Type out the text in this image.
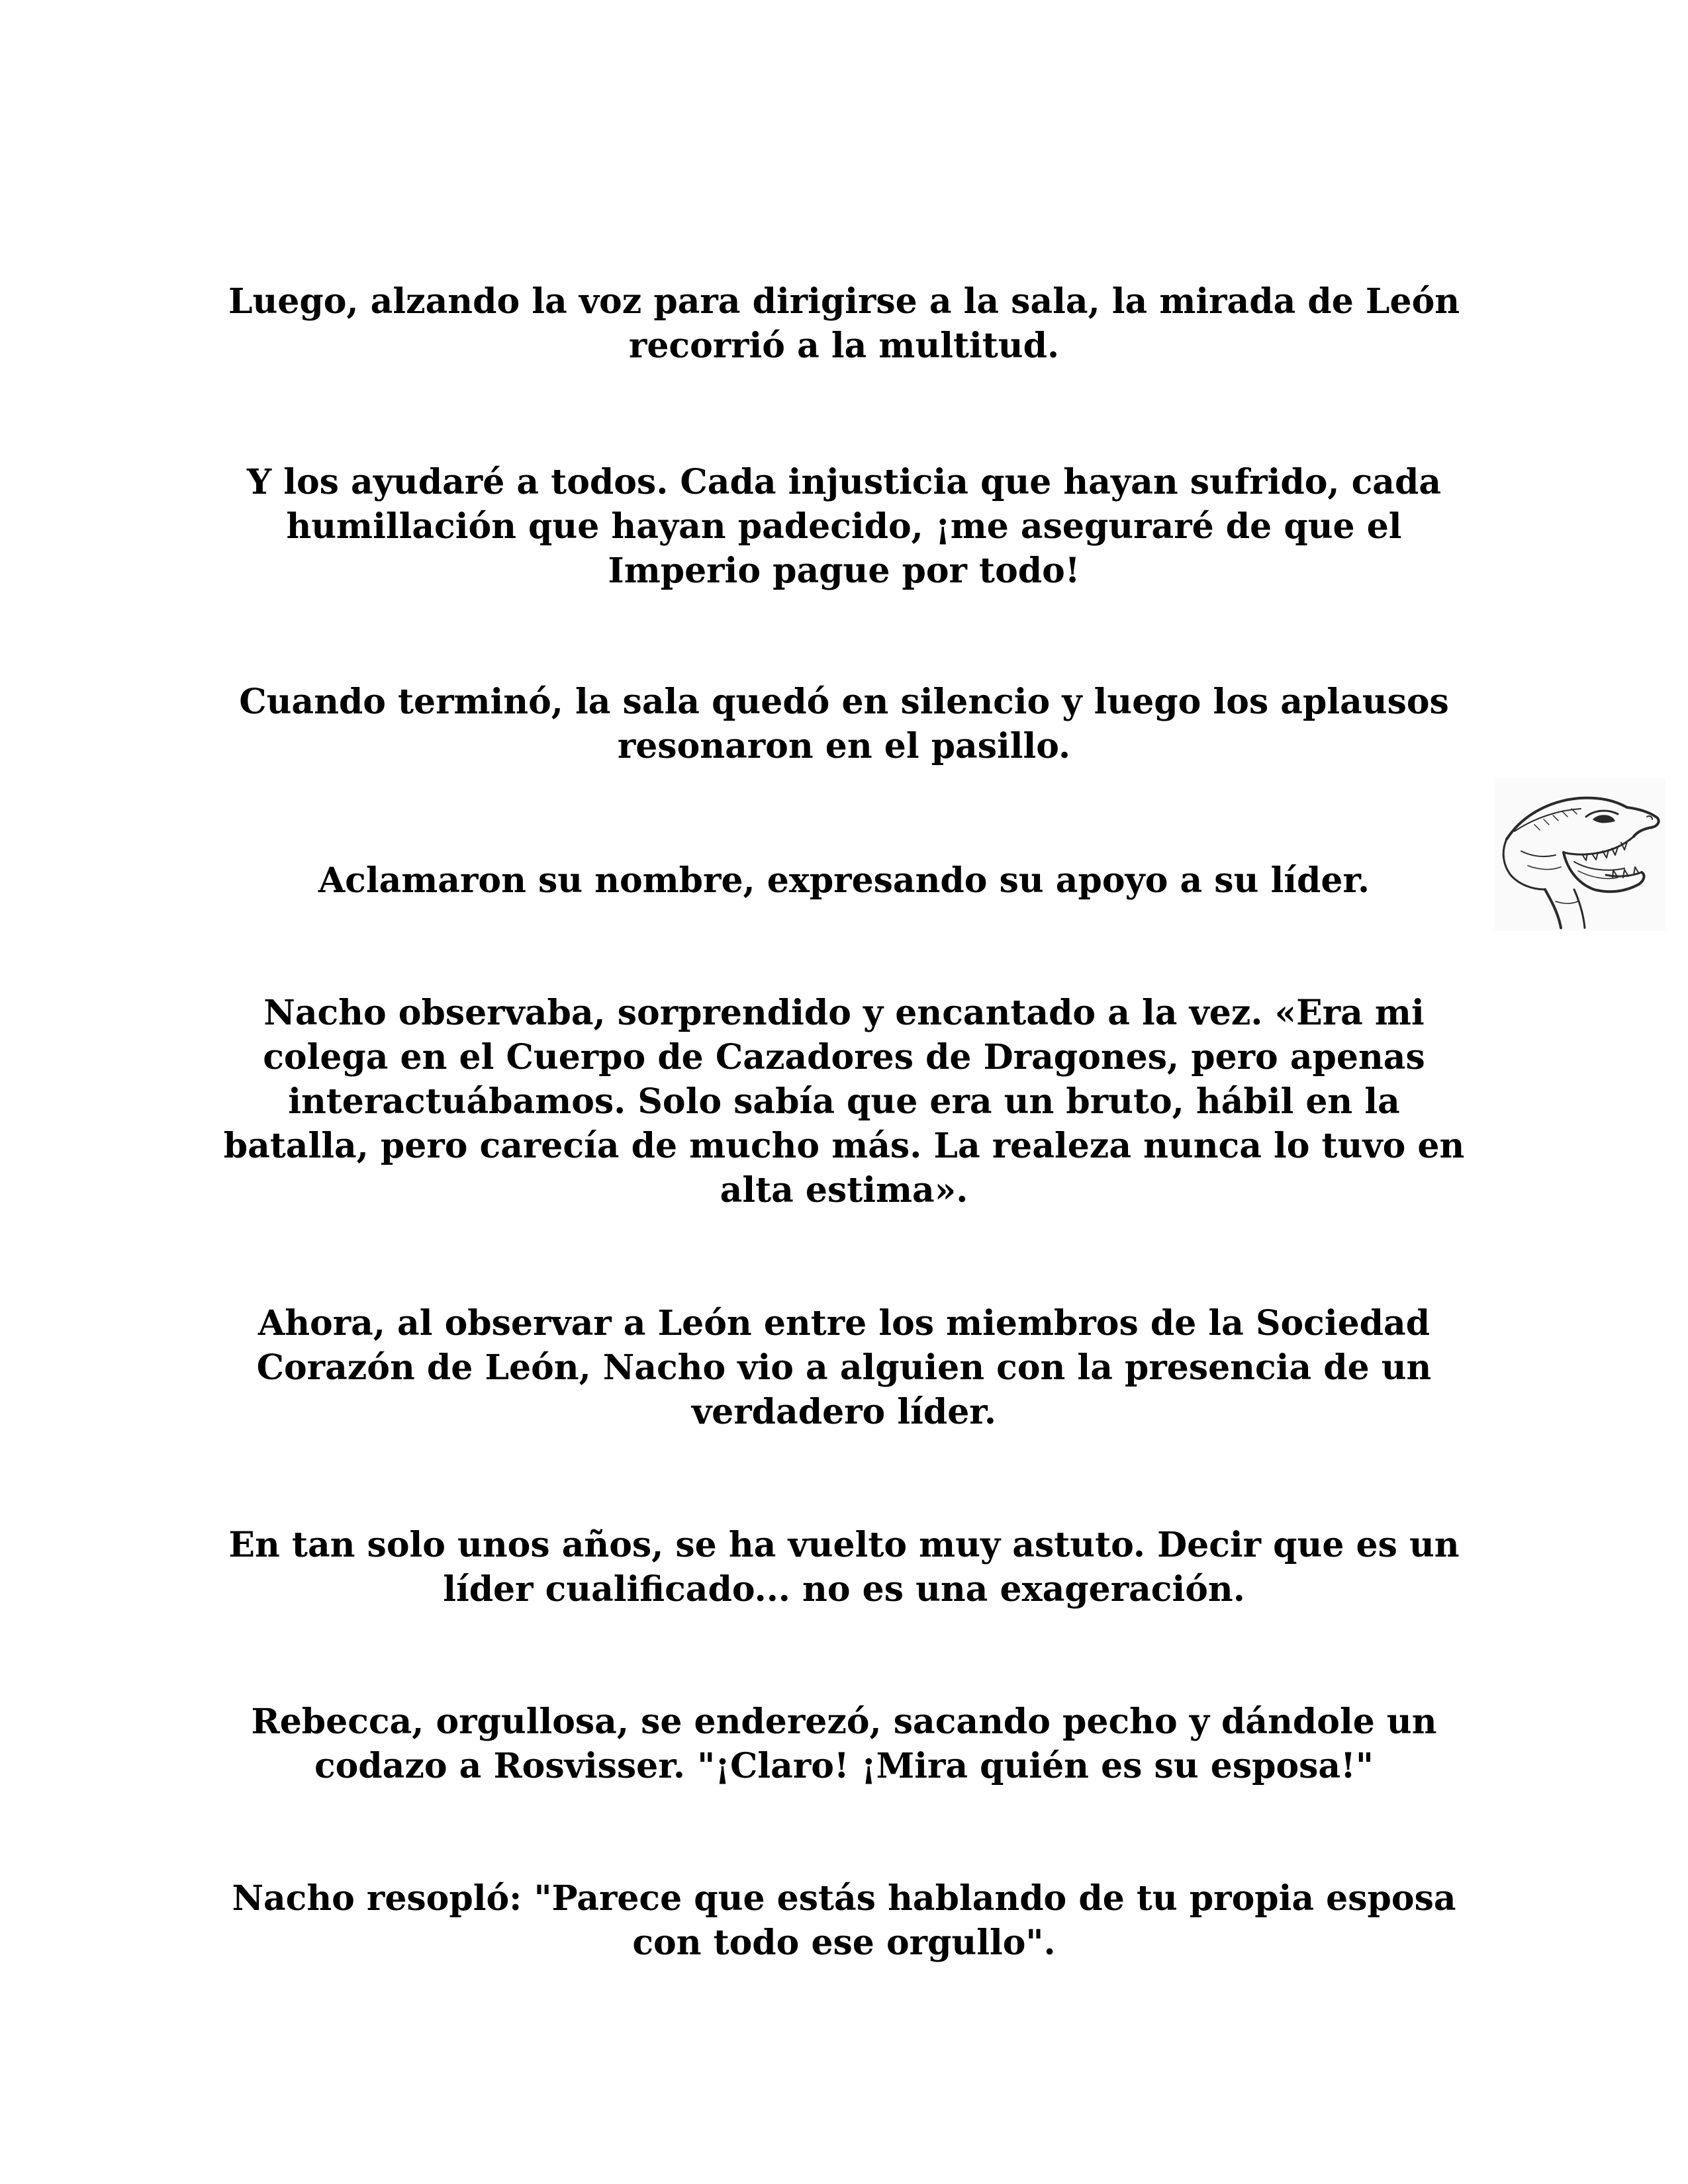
Luego, alzando la voz para dirigirse a la sala, la mirada de León recorrió a la multitud.

Y los ayudaré a todos. Cada injusticia que hayan sufrido, cada humillación que hayan padecido, ¡me aseguraré de que el Imperio pague por todo!

Cuando terminó, la sala quedó en silencio y luego los aplausos resonaron en el pasillo.

Aclamaron su nombre, expresando su apoyo a su líder.

Nacho observaba, sorprendido y encantado a la vez. «Era mi colega en el Cuerpo de Cazadores de Dragones, pero apenas interactuábamos. Solo sabía que era un bruto, hábil en la batalla, pero carecía de mucho más. La realeza nunca lo tuvo en alta estima».

Ahora, al observar a León entre los miembros de la Sociedad Corazón de León, Nacho vio a alguien con la presencia de un verdadero líder.

En tan solo unos años, se ha vuelto muy astuto. Decir que es un líder cualificado... no es una exageración.

Rebecca, orgullosa, se enderezó, sacando pecho y dándole un codazo a Rosvisser. "¡Claro! ¡Mira quién es su esposa!"

Nacho resopló: "Parece que estás hablando de tu propia esposa con todo ese orgullo".
